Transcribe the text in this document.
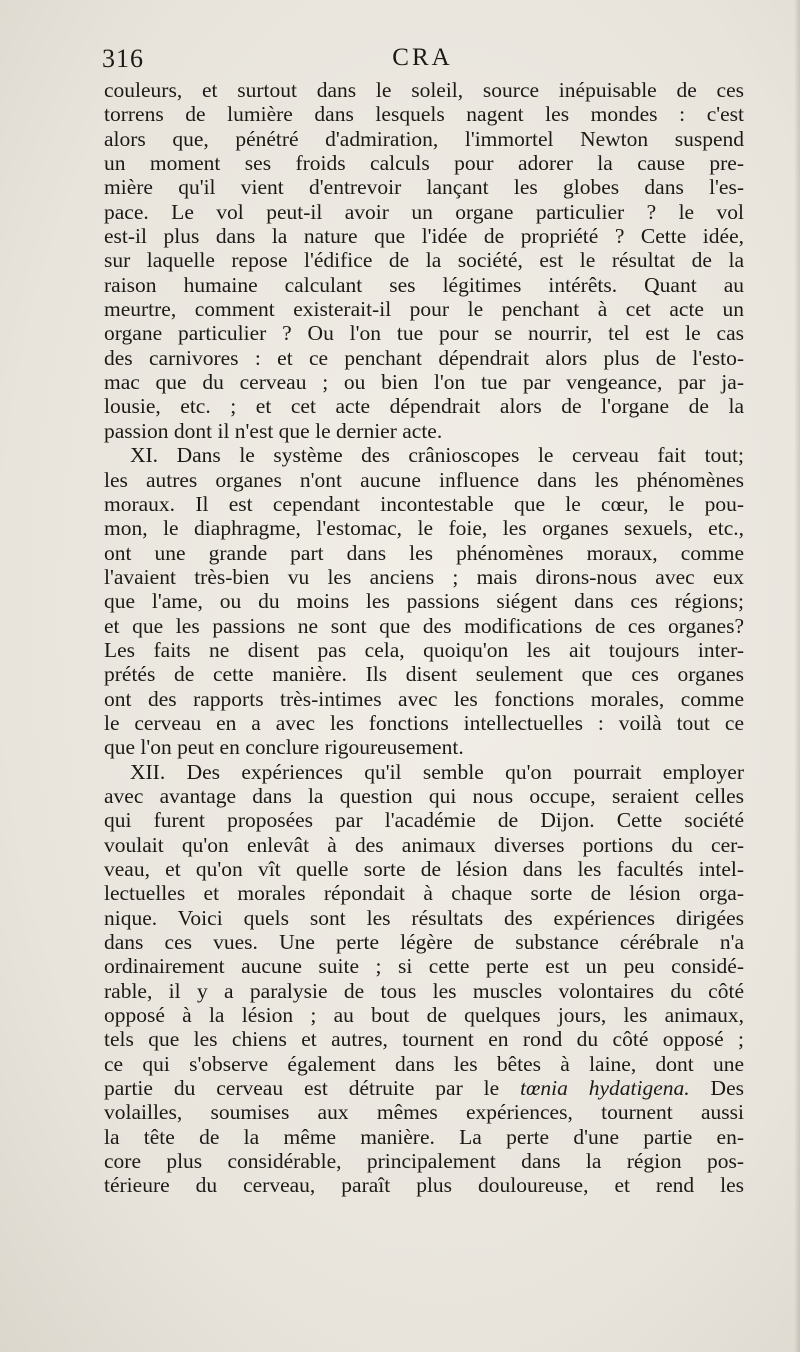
316	CRA
couleurs, et surtout dans le soleil, source inépuisable de ces
torrens de lumière dans lesquels nagent les mondes : c'est
alors que, pénétré d'admiration, l'immortel Newton suspend
un moment ses froids calculs pour adorer la cause pre-
mière qu'il vient d'entrevoir lançant les globes dans l'es-
pace. Le vol peut-il avoir un organe particulier ? le vol
est-il plus dans la nature que l'idée de propriété ? Cette idée,
sur laquelle repose l'édifice de la société, est le résultat de la
raison humaine calculant ses légitimes intérêts. Quant au
meurtre, comment existerait-il pour le penchant à cet acte un
organe particulier ? Ou l'on tue pour se nourrir, tel est le cas
des carnivores : et ce penchant dépendrait alors plus de l'esto-
mac que du cerveau ; ou bien l'on tue par vengeance, par ja-
lousie, etc. ; et cet acte dépendrait alors de l'organe de la
passion dont il n'est que le dernier acte.
XI. Dans le système des crânioscopes le cerveau fait tout;
les autres organes n'ont aucune influence dans les phénomènes
moraux. Il est cependant incontestable que le cœur, le pou-
mon, le diaphragme, l'estomac, le foie, les organes sexuels, etc.,
ont une grande part dans les phénomènes moraux, comme
l'avaient très-bien vu les anciens ; mais dirons-nous avec eux
que l'ame, ou du moins les passions siégent dans ces régions;
et que les passions ne sont que des modifications de ces organes?
Les faits ne disent pas cela, quoiqu'on les ait toujours inter-
prétés de cette manière. Ils disent seulement que ces organes
ont des rapports très-intimes avec les fonctions morales, comme
le cerveau en a avec les fonctions intellectuelles : voilà tout ce
que l'on peut en conclure rigoureusement.
XII. Des expériences qu'il semble qu'on pourrait employer
avec avantage dans la question qui nous occupe, seraient celles
qui furent proposées par l'académie de Dijon. Cette société
voulait qu'on enlevât à des animaux diverses portions du cer-
veau, et qu'on vît quelle sorte de lésion dans les facultés intel-
lectuelles et morales répondait à chaque sorte de lésion orga-
nique. Voici quels sont les résultats des expériences dirigées
dans ces vues. Une perte légère de substance cérébrale n'a
ordinairement aucune suite ; si cette perte est un peu considé-
rable, il y a paralysie de tous les muscles volontaires du côté
opposé à la lésion ; au bout de quelques jours, les animaux,
tels que les chiens et autres, tournent en rond du côté opposé ;
ce qui s'observe également dans les bêtes à laine, dont une
partie du cerveau est détruite par le tœnia hydatigena. Des
volailles, soumises aux mêmes expériences, tournent aussi
la tête de la même manière. La perte d'une partie en-
core plus considérable, principalement dans la région pos-
térieure du cerveau, paraît plus douloureuse, et rend les
